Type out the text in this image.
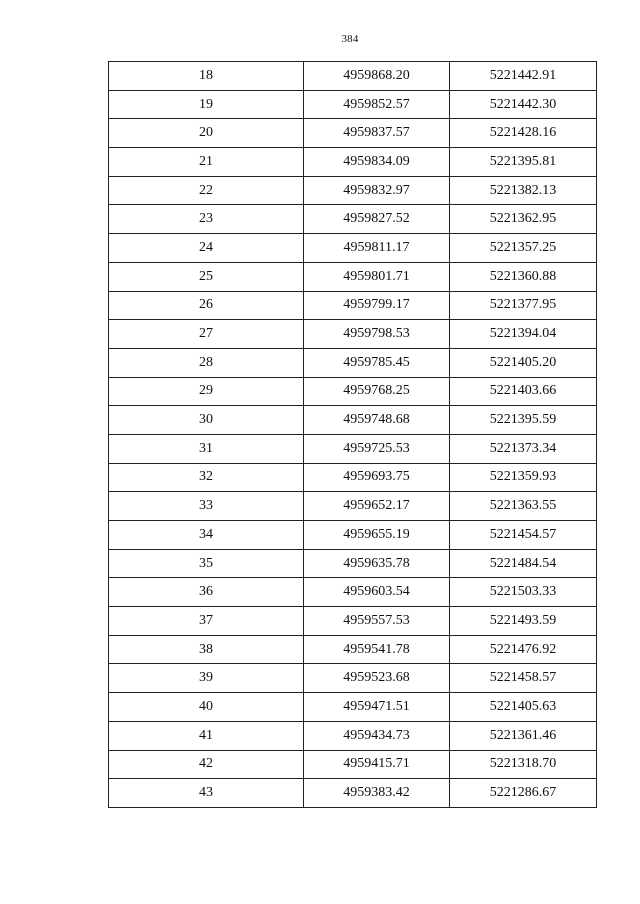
384
18	4959868.20	5221442.91
19	4959852.57	5221442.30
20	4959837.57	5221428.16
21	4959834.09	5221395.81
22	4959832.97	5221382.13
23	4959827.52	5221362.95
24	4959811.17	5221357.25
25	4959801.71	5221360.88
26	4959799.17	5221377.95
27	4959798.53	5221394.04
28	4959785.45	5221405.20
29	4959768.25	5221403.66
30	4959748.68	5221395.59
31	4959725.53	5221373.34
32	4959693.75	5221359.93
33	4959652.17	5221363.55
34	4959655.19	5221454.57
35	4959635.78	5221484.54
36	4959603.54	5221503.33
37	4959557.53	5221493.59
38	4959541.78	5221476.92
39	4959523.68	5221458.57
40	4959471.51	5221405.63
41	4959434.73	5221361.46
42	4959415.71	5221318.70
43	4959383.42	5221286.67
